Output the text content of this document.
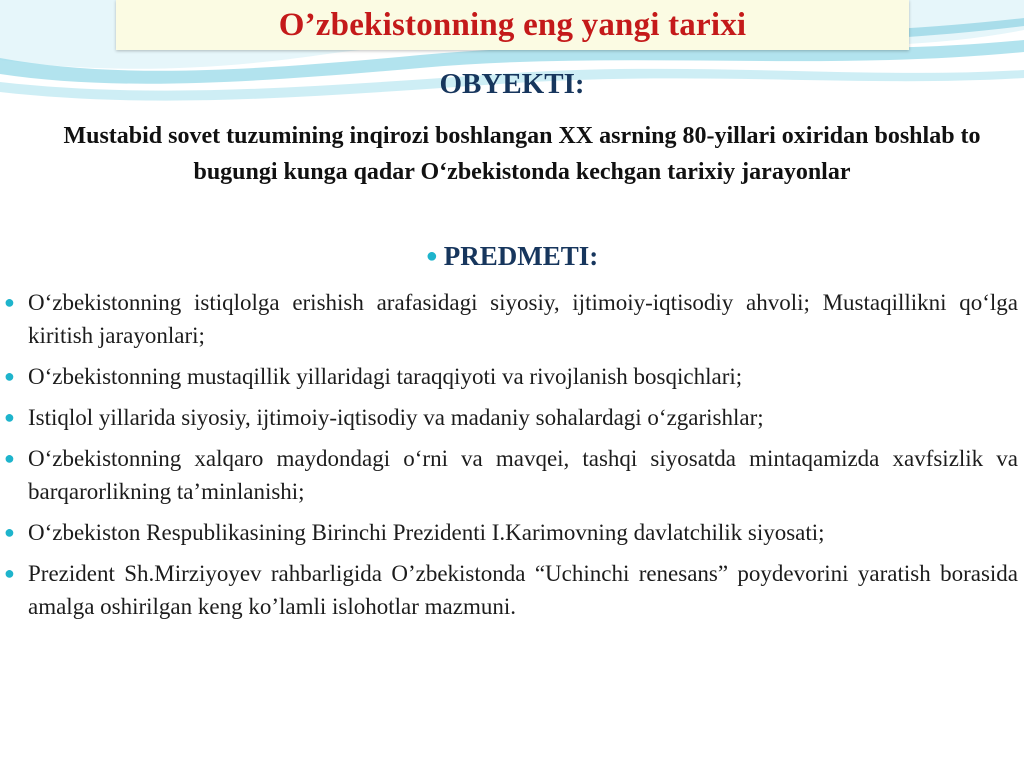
O’zbekistonning eng yangi tarixi
OBYEKTI:
Mustabid sovet tuzumining inqirozi boshlangan XX asrning 80-yillari oxiridan boshlab to bugungi kunga qadar O‘zbekistonda kechgan tarixiy jarayonlar
● PREDMETI:
● O‘zbekistonning istiqlolga erishish arafasidagi siyosiy, ijtimoiy-iqtisodiy ahvoli; Mustaqillikni qo‘lga kiritish jarayonlari;
● O‘zbekistonning mustaqillik yillaridagi taraqqiyoti va rivojlanish bosqichlari;
● Istiqlol yillarida siyosiy, ijtimoiy-iqtisodiy va madaniy sohalardagi o‘zgarishlar;
● O‘zbekistonning xalqaro maydondagi o‘rni va mavqei, tashqi siyosatda mintaqamizda xavfsizlik va barqarorlikning ta’minlanishi;
● O‘zbekiston Respublikasining Birinchi Prezidenti I.Karimovning davlatchilik siyosati;
● Prezident Sh.Mirziyoyev rahbarligida O’zbekistonda “Uchinchi renesans” poydevorini yaratish borasida amalga oshirilgan keng ko’lamli islohotlar mazmuni.
